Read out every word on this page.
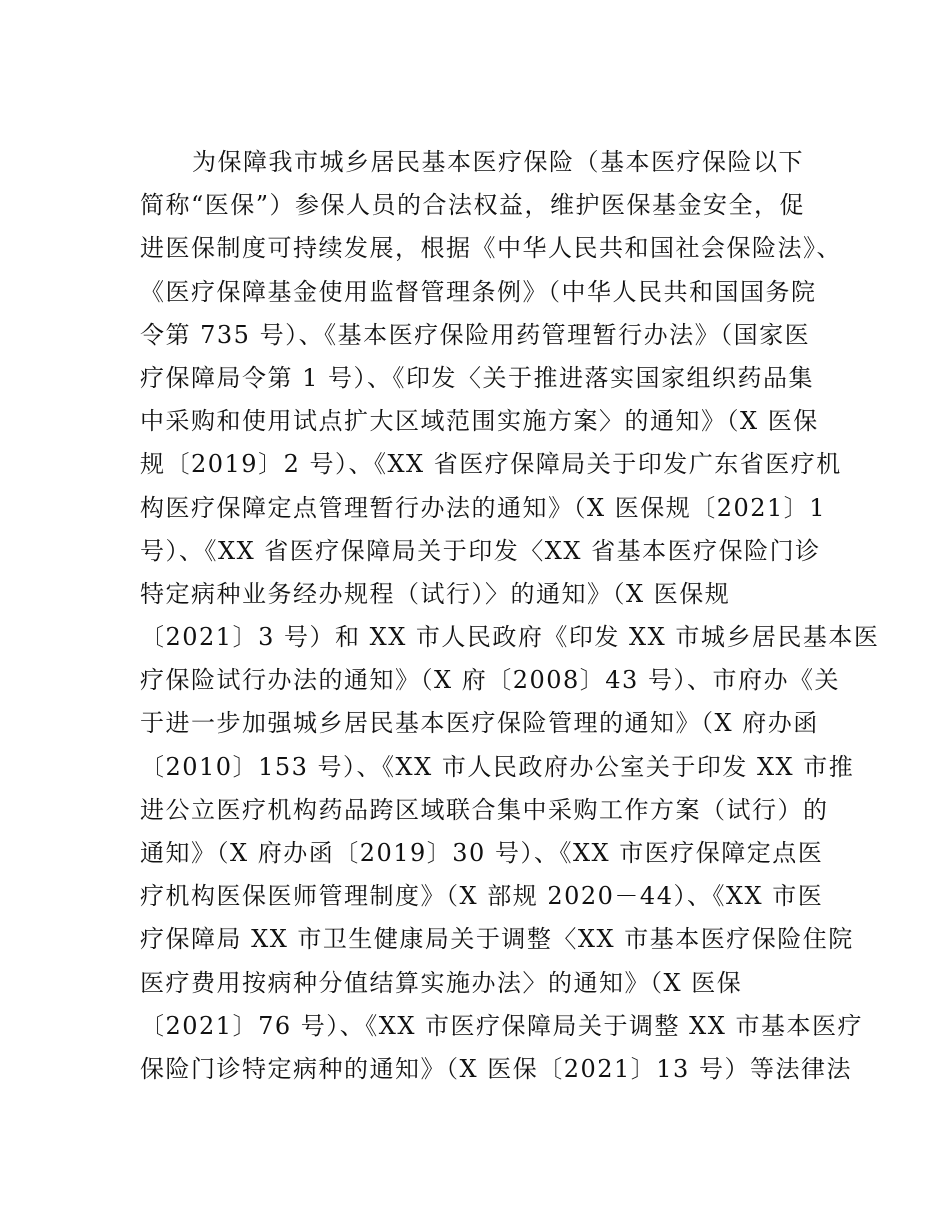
为保障我市城乡居民基本医疗保险（基本医疗保险以下
简称“医保”）参保人员的合法权益，维护医保基金安全，促
进医保制度可持续发展，根据《中华人民共和国社会保险法》、
《医疗保障基金使用监督管理条例》（中华人民共和国国务院
令第 735 号）、《基本医疗保险用药管理暂行办法》（国家医
疗保障局令第 1 号）、《印发〈关于推进落实国家组织药品集
中采购和使用试点扩大区域范围实施方案〉的通知》（X 医保
规〔2019〕2 号）、《XX 省医疗保障局关于印发广东省医疗机
构医疗保障定点管理暂行办法的通知》（X 医保规〔2021〕1
号）、《XX 省医疗保障局关于印发〈XX 省基本医疗保险门诊
特定病种业务经办规程（试行）〉的通知》（X 医保规
〔2021〕3 号）和 XX 市人民政府《印发 XX 市城乡居民基本医
疗保险试行办法的通知》（X 府〔2008〕43 号）、市府办《关
于进一步加强城乡居民基本医疗保险管理的通知》（X 府办函
〔2010〕153 号）、《XX 市人民政府办公室关于印发 XX 市推
进公立医疗机构药品跨区域联合集中采购工作方案（试行）的
通知》（X 府办函〔2019〕30 号）、《XX 市医疗保障定点医
疗机构医保医师管理制度》（X 部规 2020－44）、《XX 市医
疗保障局 XX 市卫生健康局关于调整〈XX 市基本医疗保险住院
医疗费用按病种分值结算实施办法〉的通知》（X 医保
〔2021〕76 号）、《XX 市医疗保障局关于调整 XX 市基本医疗
保险门诊特定病种的通知》（X 医保〔2021〕13 号）等法律法
